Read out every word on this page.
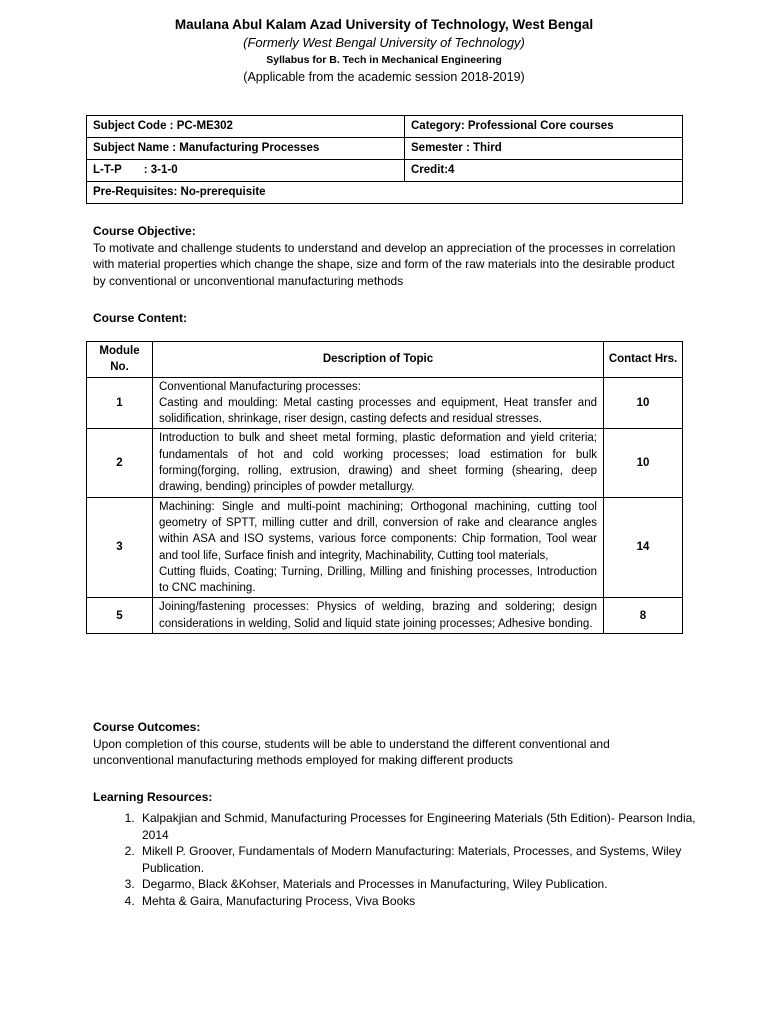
Maulana Abul Kalam Azad University of Technology, West Bengal
(Formerly West Bengal University of Technology)
Syllabus for B. Tech in Mechanical Engineering
(Applicable from the academic session 2018-2019)
Subject Code : PC-ME302	Category: Professional Core courses
Subject Name : Manufacturing Processes	Semester : Third
L-T-P : 3-1-0	Credit:4
Pre-Requisites: No-prerequisite	
Course Objective:
To motivate and challenge students to understand and develop an appreciation of the processes in correlation with material properties which change the shape, size and form of the raw materials into the desirable product by conventional or unconventional manufacturing methods
Course Content:
Module No.	Description of Topic	Contact Hrs.
1	Conventional Manufacturing processes:
Casting and moulding: Metal casting processes and equipment, Heat transfer and solidification, shrinkage, riser design, casting defects and residual stresses.	10
2	Introduction to bulk and sheet metal forming, plastic deformation and yield criteria; fundamentals of hot and cold working processes; load estimation for bulk forming(forging, rolling, extrusion, drawing) and sheet forming (shearing, deep drawing, bending) principles of powder metallurgy.	10
3	Machining: Single and multi-point machining; Orthogonal machining, cutting tool geometry of SPTT, milling cutter and drill, conversion of rake and clearance angles within ASA and ISO systems, various force components: Chip formation, Tool wear and tool life, Surface finish and integrity, Machinability, Cutting tool materials,
Cutting fluids, Coating; Turning, Drilling, Milling and finishing processes, Introduction to CNC machining.	14
5	Joining/fastening processes: Physics of welding, brazing and soldering; design considerations in welding, Solid and liquid state joining processes; Adhesive bonding.	8
Course Outcomes:
Upon completion of this course, students will be able to understand the different conventional and unconventional manufacturing methods employed for making different products
Learning Resources:
1. Kalpakjian and Schmid, Manufacturing Processes for Engineering Materials (5th Edition)- Pearson India, 2014
2. Mikell P. Groover, Fundamentals of Modern Manufacturing: Materials, Processes, and Systems, Wiley Publication.
3. Degarmo, Black &Kohser, Materials and Processes in Manufacturing, Wiley Publication.
4. Mehta & Gaira, Manufacturing Process, Viva Books
